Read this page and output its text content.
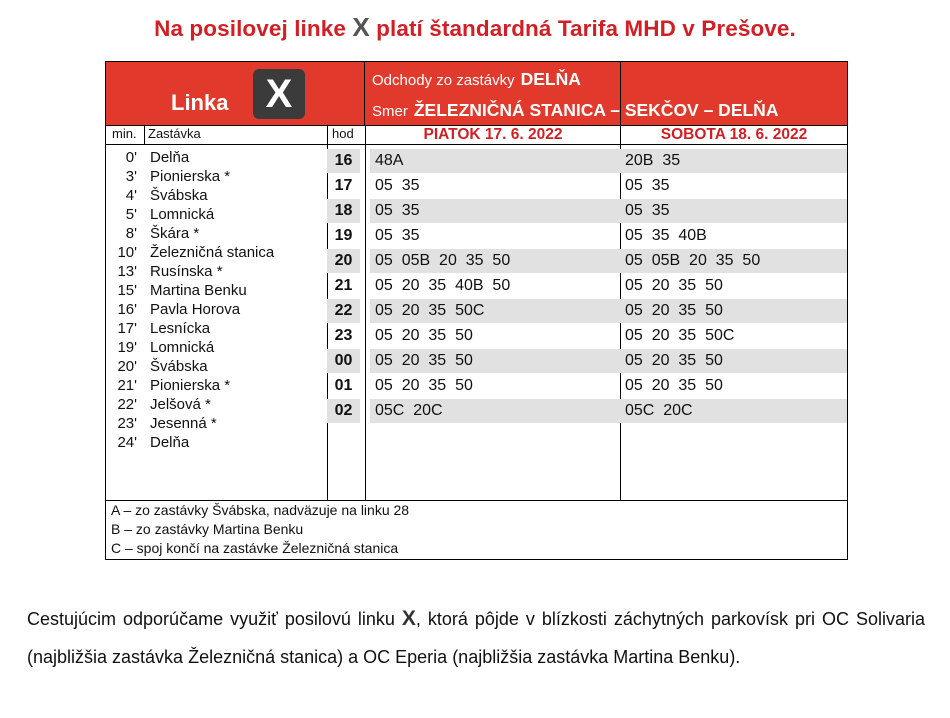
Na posilovej linke X platí štandardná Tarifa MHD v Prešove.
Linka X	Odchody zo zastávky DELŇA
Smer ŽELEZNIČNÁ STANICA – SEKČOV – DELŇA
min. Zastávka	hod	PIATOK 17. 6. 2022	SOBOTA 18. 6. 2022
0' Delňa
3' Pionierska *
4' Švábska
5' Lomnická
8' Škára *
10' Železničná stanica
13' Rusínska *
15' Martina Benku
16' Pavla Horova
17' Lesnícka
19' Lomnická
20' Švábska
21' Pionierska *
22' Jelšová *
23' Jesenná *
24' Delňa
16	48A	20B  35
17	05  35	05  35
18	05  35	05  35
19	05  35	05  35  40B
20	05  05B  20  35  50	05  05B  20  35  50
21	05  20  35  40B  50	05  20  35  50
22	05  20  35  50C	05  20  35  50
23	05  20  35  50	05  20  35  50C
00	05  20  35  50	05  20  35  50
01	05  20  35  50	05  20  35  50
02	05C  20C	05C  20C
A – zo zastávky Švábska, nadväzuje na linku 28
B – zo zastávky Martina Benku
C – spoj končí na zastávke Železničná stanica
Cestujúcim odporúčame využiť posilovú linku X, ktorá pôjde v blízkosti záchytných parkovísk pri OC Solivaria (najbližšia zastávka Železničná stanica) a OC Eperia (najbližšia zastávka Martina Benku).
